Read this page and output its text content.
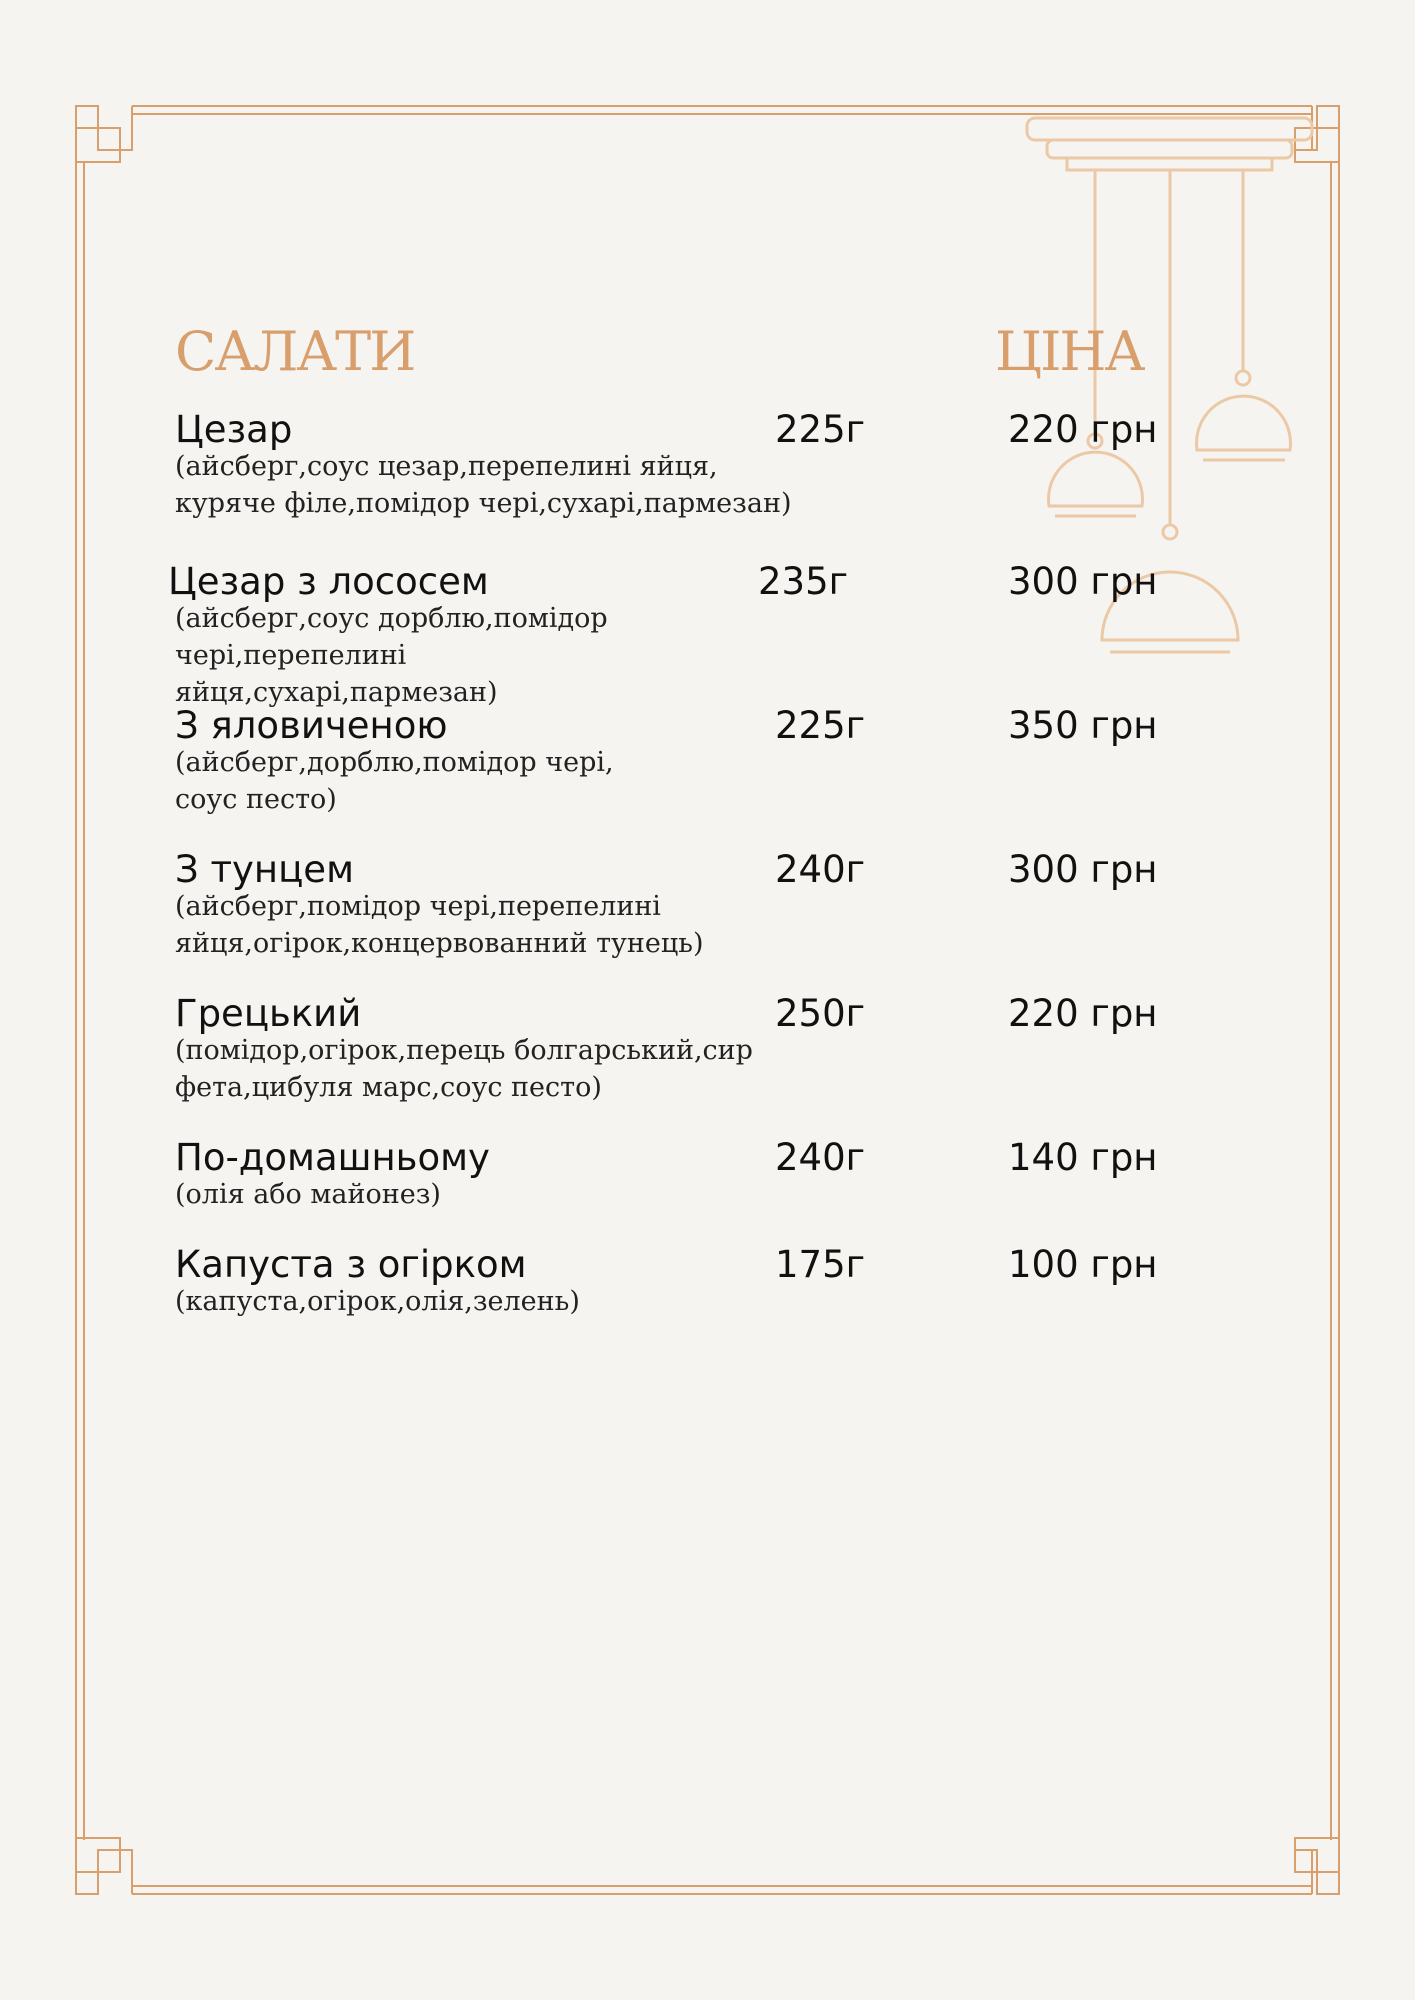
САЛАТИ	ЦІНА
Цезар	225г	220 грн
(айсберг,соус цезар,перепелині яйця, куряче філе,помідор чері,сухарі,пармезан)
Цезар з лососем	235г	300 грн
(айсберг,соус дорблю,помідор чері,перепелині яйця,сухарі,пармезан)
З яловиченою	225г	350 грн
(айсберг,дорблю,помідор чері, соус песто)
З тунцем	240г	300 грн
(айсберг,помідор чері,перепелині яйця,огірок,концервованний тунець)
Грецький	250г	220 грн
(помідор,огірок,перець болгарський,сир фета,цибуля марс,соус песто)
По-домашньому	240г	140 грн
(олія або майонез)
Капуста з огірком	175г	100 грн
(капуста,огірок,олія,зелень)
